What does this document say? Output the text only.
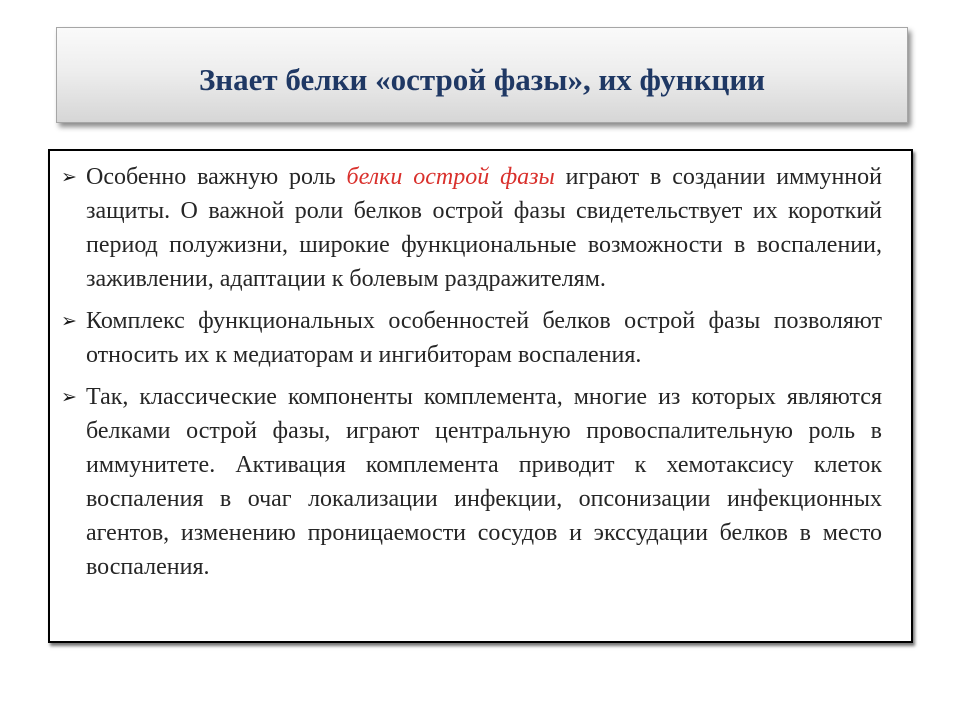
Знает белки «острой фазы», их функции
➢ Особенно важную роль белки острой фазы играют в создании иммунной защиты. О важной роли белков острой фазы свидетельствует их короткий период полужизни, широкие функциональные возможности в воспалении, заживлении, адаптации к болевым раздражителям.
➢ Комплекс функциональных особенностей белков острой фазы позволяют относить их к медиаторам и ингибиторам воспаления.
➢ Так, классические компоненты комплемента, многие из которых являются белками острой фазы, играют центральную провоспалительную роль в иммунитете. Активация комплемента приводит к хемотаксису клеток воспаления в очаг локализации инфекции, опсонизации инфекционных агентов, изменению проницаемости сосудов и экссудации белков в место воспаления.
